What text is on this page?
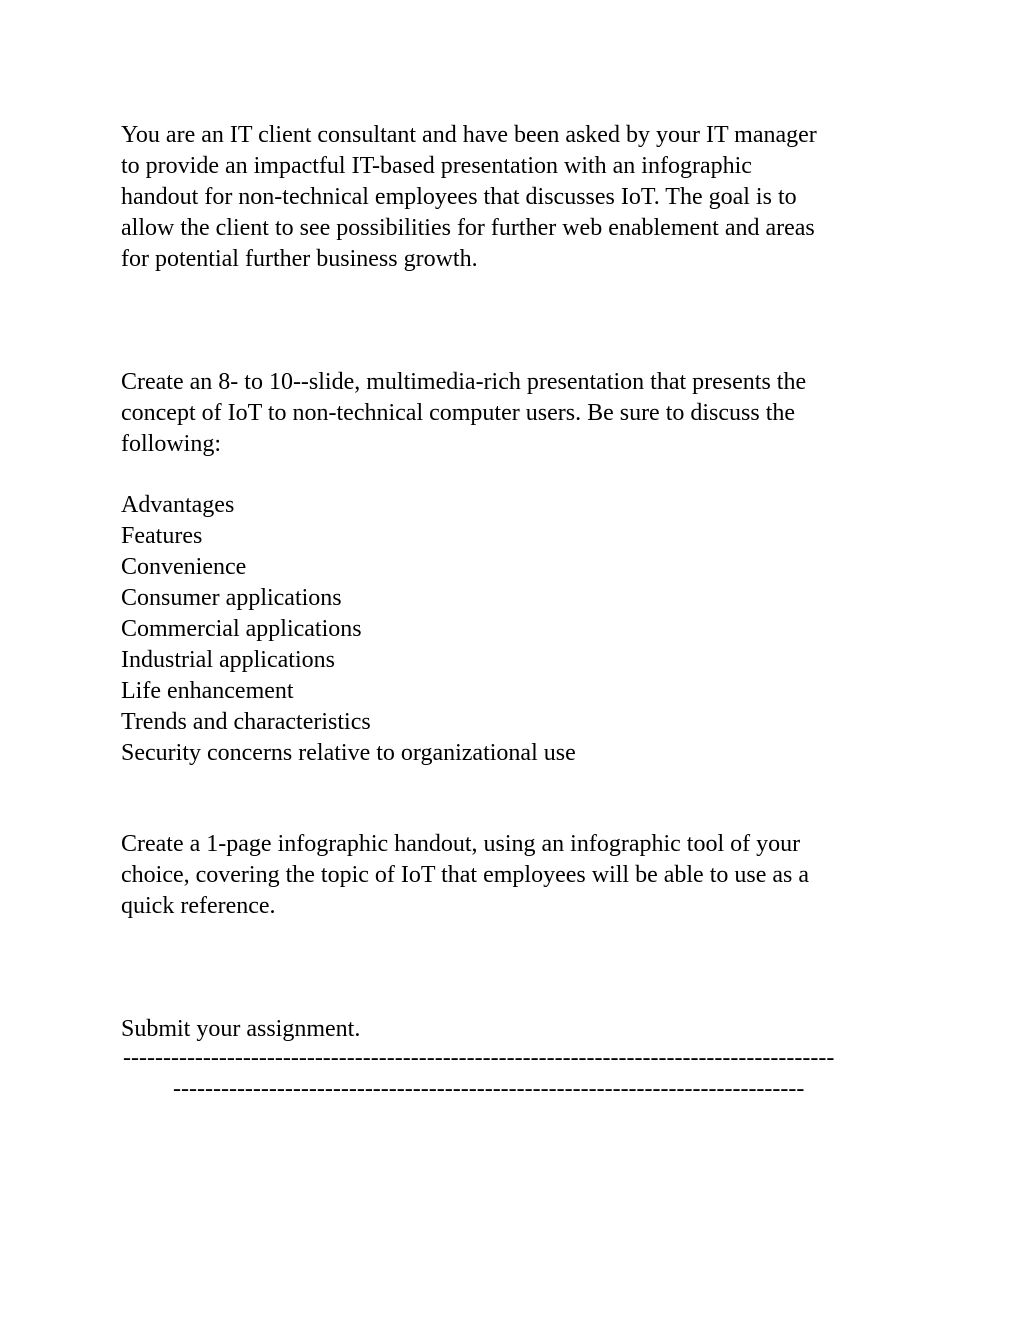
You are an IT client consultant and have been asked by your IT manager
to provide an impactful IT-based presentation with an infographic
handout for non-technical employees that discusses IoT. The goal is to
allow the client to see possibilities for further web enablement and areas
for potential further business growth.

Create an 8- to 10--slide, multimedia-rich presentation that presents the
concept of IoT to non-technical computer users. Be sure to discuss the
following:

Advantages
Features
Convenience
Consumer applications
Commercial applications
Industrial applications
Life enhancement
Trends and characteristics
Security concerns relative to organizational use

Create a 1-page infographic handout, using an infographic tool of your
choice, covering the topic of IoT that employees will be able to use as a
quick reference.

Submit your assignment.

-----------------------------------------------------------------------------------------
-------------------------------------------------------------------------------
